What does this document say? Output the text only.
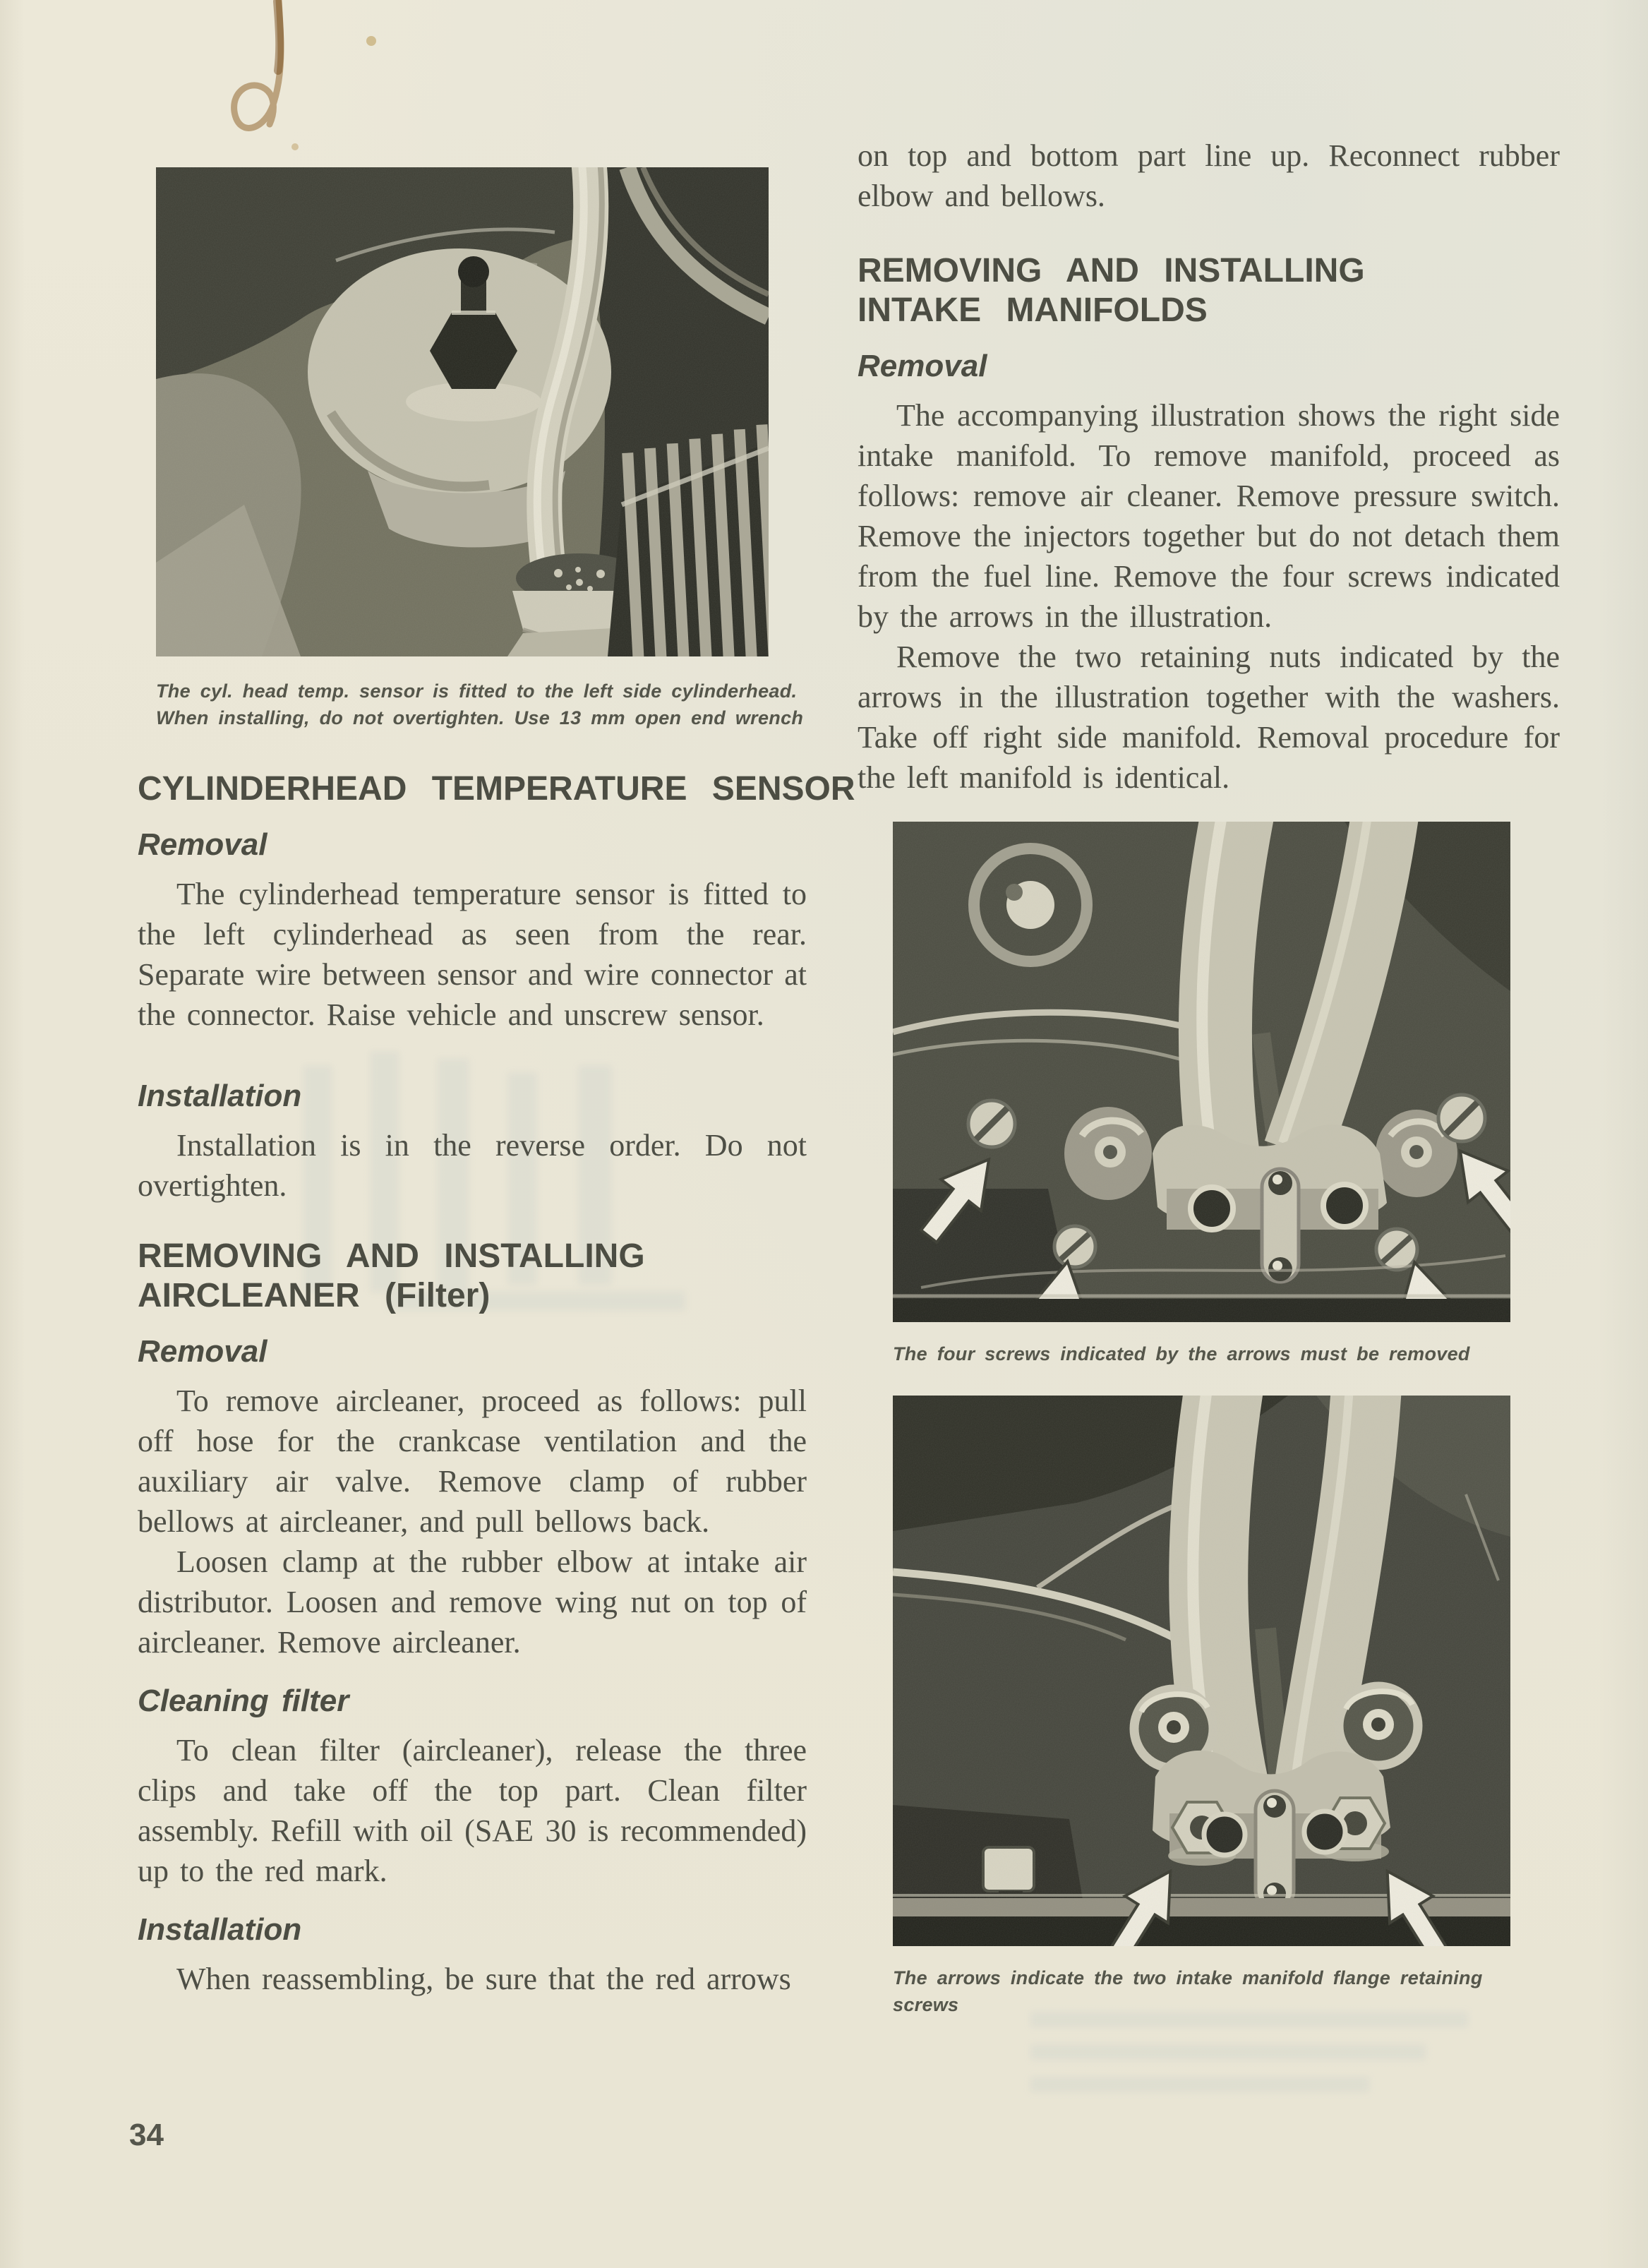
The cyl. head temp. sensor is fitted to the left side cylinderhead.
When installing, do not overtighten. Use 13 mm open end wrench
CYLINDERHEAD TEMPERATURE SENSOR
Removal

The cylinderhead temperature sensor is fitted to the left cylinderhead as seen from the rear. Separate wire between sensor and wire connector at the connector. Raise vehicle and unscrew sensor.

Installation

Installation is in the reverse order. Do not overtighten.

REMOVING AND INSTALLING
AIRCLEANER (Filter)
Removal

To remove aircleaner, proceed as follows: pull off hose for the crankcase ventilation and the auxiliary air valve. Remove clamp of rubber bellows at aircleaner, and pull bellows back.

Loosen clamp at the rubber elbow at intake air distributor. Loosen and remove wing nut on top of aircleaner. Remove aircleaner.

Cleaning filter

To clean filter (aircleaner), release the three clips and take off the top part. Clean filter assembly. Refill with oil (SAE 30 is recommended) up to the red mark.

Installation

When reassembling, be sure that the red arrows

on top and bottom part line up. Reconnect rubber elbow and bellows.

REMOVING AND INSTALLING
INTAKE MANIFOLDS
Removal

The accompanying illustration shows the right side intake manifold. To remove manifold, proceed as follows: remove air cleaner. Remove pressure switch. Remove the injectors together but do not detach them from the fuel line. Remove the four screws indicated by the arrows in the illustration.

Remove the two retaining nuts indicated by the arrows in the illustration together with the washers. Take off right side manifold. Removal procedure for the left manifold is identical.

The four screws indicated by the arrows must be removed
The arrows indicate the two intake manifold flange retaining
screws
34
